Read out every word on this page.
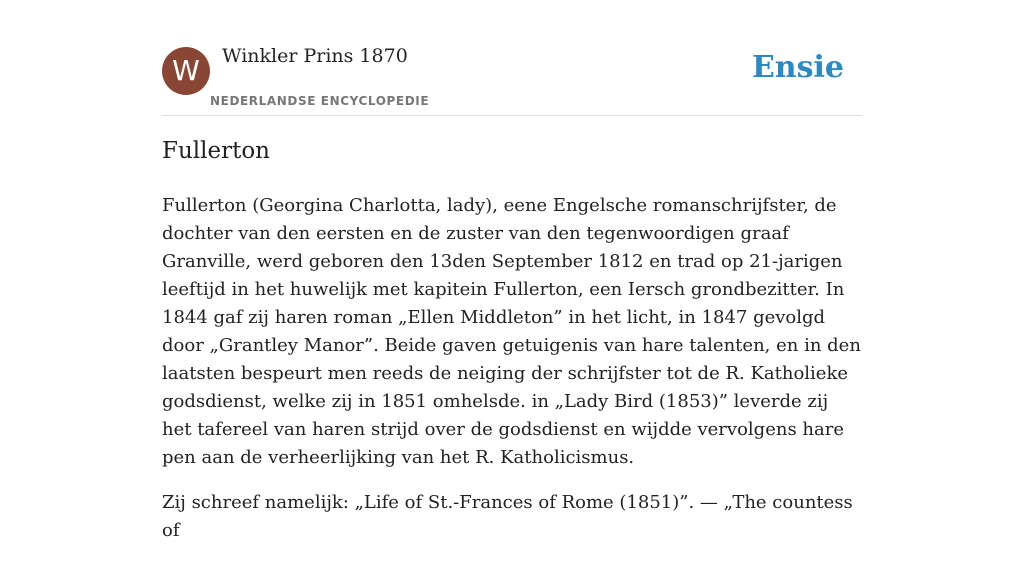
W	Winkler Prins 1870
NEDERLANDSE ENCYCLOPEDIE
Ensie
Fullerton

Fullerton (Georgina Charlotta, lady), eene Engelsche romanschrijfster, de dochter van den eersten en de zuster van den tegenwoordigen graaf Granville, werd geboren den 13den September 1812 en trad op 21-jarigen leeftijd in het huwelijk met kapitein Fullerton, een Iersch grondbezitter. In 1844 gaf zij haren roman „Ellen Middleton” in het licht, in 1847 gevolgd door „Grantley Manor”. Beide gaven getuigenis van hare talenten, en in den laatsten bespeurt men reeds de neiging der schrijfster tot de R. Katholieke godsdienst, welke zij in 1851 omhelsde. in „Lady Bird (1853)” leverde zij het tafereel van haren strijd over de godsdienst en wijdde vervolgens hare pen aan de verheerlijking van het R. Katholicismus.

Zij schreef namelijk: „Life of St.-Frances of Rome (1851)”. — „The countess of
